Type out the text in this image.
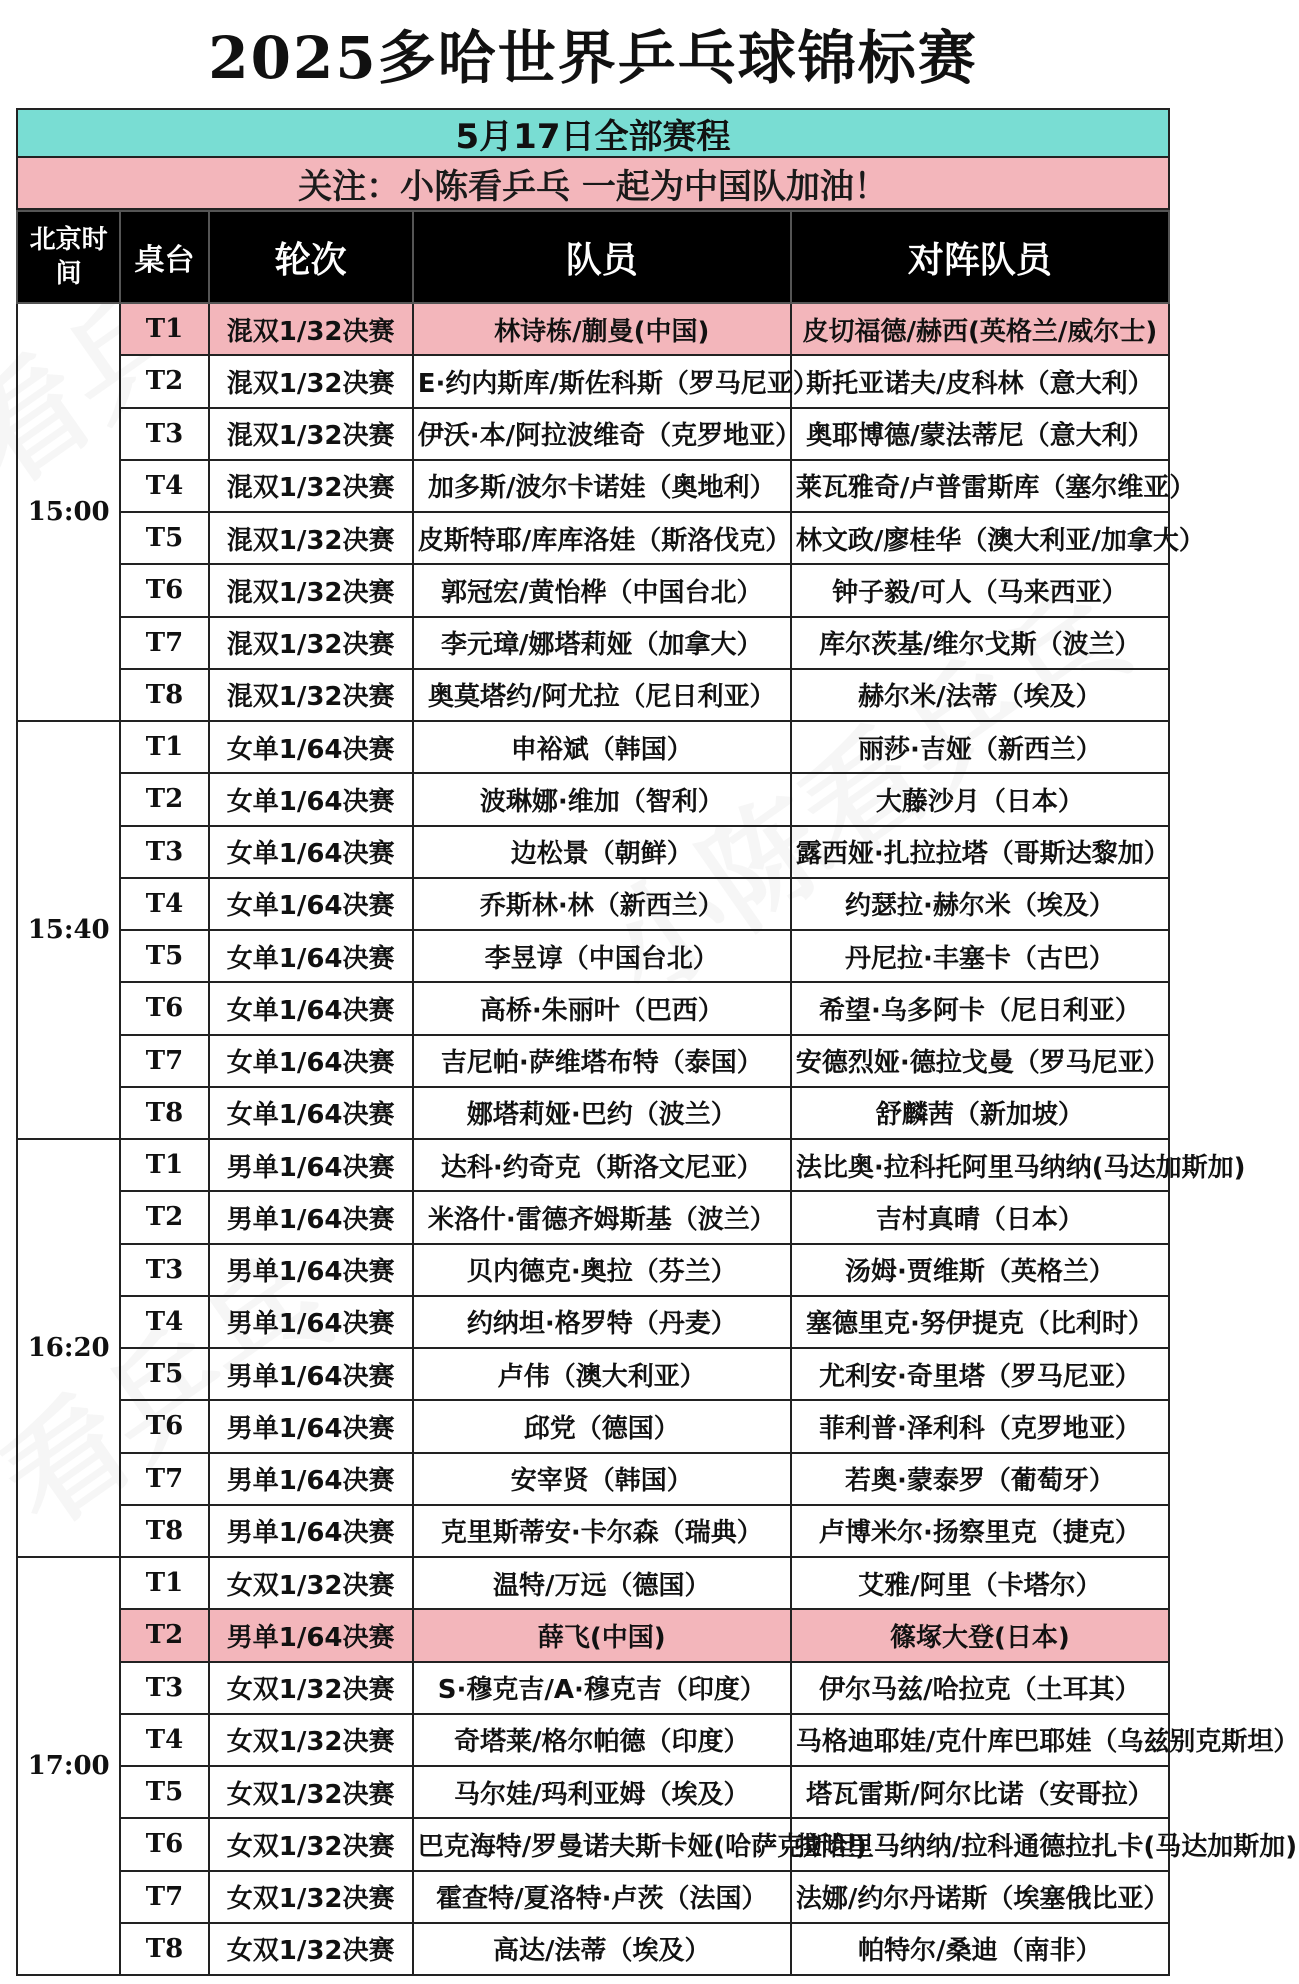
2025多哈世界乒乓球锦标赛
5月17日全部赛程
关注：小陈看乒乓 一起为中国队加油！
北京时间	桌台	轮次	队员	对阵队员
15:00	T1	混双1/32决赛	林诗栋/蒯曼(中国)	皮切福德/赫西(英格兰/威尔士)
	T2	混双1/32决赛	E·约内斯库/斯佐科斯（罗马尼亚）	斯托亚诺夫/皮科林（意大利）
	T3	混双1/32决赛	伊沃·本/阿拉波维奇（克罗地亚）	奥耶博德/蒙法蒂尼（意大利）
	T4	混双1/32决赛	加多斯/波尔卡诺娃（奥地利）	莱瓦雅奇/卢普雷斯库（塞尔维亚）
	T5	混双1/32决赛	皮斯特耶/库库洛娃（斯洛伐克）	林文政/廖桂华（澳大利亚/加拿大）
	T6	混双1/32决赛	郭冠宏/黄怡桦（中国台北）	钟子毅/可人（马来西亚）
	T7	混双1/32决赛	李元璋/娜塔莉娅（加拿大）	库尔茨基/维尔戈斯（波兰）
	T8	混双1/32决赛	奥莫塔约/阿尤拉（尼日利亚）	赫尔米/法蒂（埃及）
15:40	T1	女单1/64决赛	申裕斌（韩国）	丽莎·吉娅（新西兰）
	T2	女单1/64决赛	波琳娜·维加（智利）	大藤沙月（日本）
	T3	女单1/64决赛	边松景（朝鲜）	露西娅·扎拉拉塔（哥斯达黎加）
	T4	女单1/64决赛	乔斯林·林（新西兰）	约瑟拉·赫尔米（埃及）
	T5	女单1/64决赛	李昱谆（中国台北）	丹尼拉·丰塞卡（古巴）
	T6	女单1/64决赛	高桥·朱丽叶（巴西）	希望·乌多阿卡（尼日利亚）
	T7	女单1/64决赛	吉尼帕·萨维塔布特（泰国）	安德烈娅·德拉戈曼（罗马尼亚）
	T8	女单1/64决赛	娜塔莉娅·巴约（波兰）	舒麟茜（新加坡）
16:20	T1	男单1/64决赛	达科·约奇克（斯洛文尼亚）	法比奥·拉科托阿里马纳纳(马达加斯加)
	T2	男单1/64决赛	米洛什·雷德齐姆斯基（波兰）	吉村真晴（日本）
	T3	男单1/64决赛	贝内德克·奥拉（芬兰）	汤姆·贾维斯（英格兰）
	T4	男单1/64决赛	约纳坦·格罗特（丹麦）	塞德里克·努伊提克（比利时）
	T5	男单1/64决赛	卢伟（澳大利亚）	尤利安·奇里塔（罗马尼亚）
	T6	男单1/64决赛	邱党（德国）	菲利普·泽利科（克罗地亚）
	T7	男单1/64决赛	安宰贤（韩国）	若奥·蒙泰罗（葡萄牙）
	T8	男单1/64决赛	克里斯蒂安·卡尔森（瑞典）	卢博米尔·扬察里克（捷克）
17:00	T1	女双1/32决赛	温特/万远（德国）	艾雅/阿里（卡塔尔）
	T2	男单1/64决赛	薛飞(中国)	篠塚大登(日本)
	T3	女双1/32决赛	S·穆克吉/A·穆克吉（印度）	伊尔马兹/哈拉克（土耳其）
	T4	女双1/32决赛	奇塔莱/格尔帕德（印度）	马格迪耶娃/克什库巴耶娃（乌兹别克斯坦）
	T5	女双1/32决赛	马尔娃/玛利亚姆（埃及）	塔瓦雷斯/阿尔比诺（安哥拉）
	T6	女双1/32决赛	巴克海特/罗曼诺夫斯卡娅(哈萨克斯坦)	拉哈里马纳纳/拉科通德拉扎卡(马达加斯加)
	T7	女双1/32决赛	霍查特/夏洛特·卢茨（法国）	法娜/约尔丹诺斯（埃塞俄比亚）
	T8	女双1/32决赛	高达/法蒂（埃及）	帕特尔/桑迪（南非）
